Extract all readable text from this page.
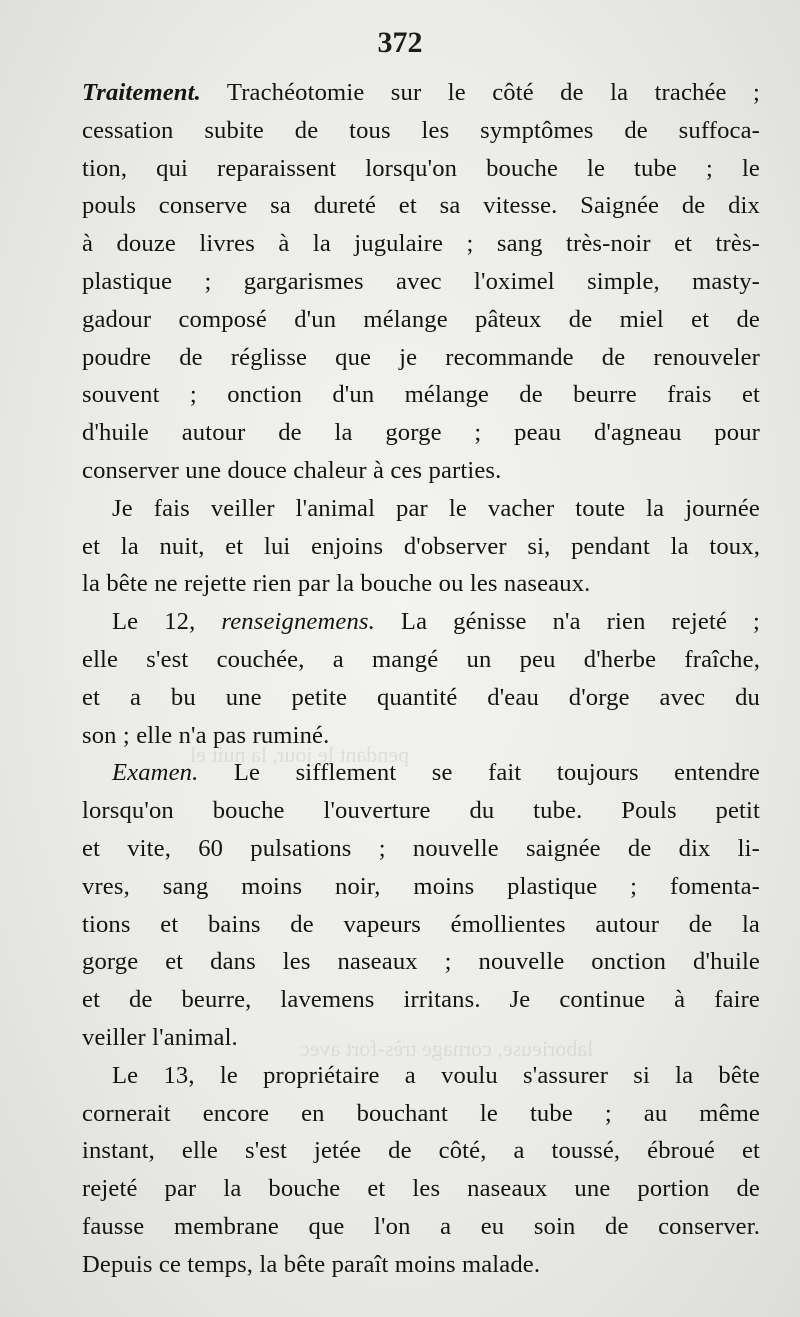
372
pendant le jour, la nuit el
laborieuse, cornage très-fort avec
Traitement. Trachéotomie sur le côté de la trachée ;
cessation subite de tous les symptômes de suffoca-
tion, qui reparaissent lorsqu'on bouche le tube ; le
pouls conserve sa dureté et sa vitesse. Saignée de dix
à douze livres à la jugulaire ; sang très-noir et très-
plastique ; gargarismes avec l'oximel simple, masty-
gadour composé d'un mélange pâteux de miel et de
poudre de réglisse que je recommande de renouveler
souvent ; onction d'un mélange de beurre frais et
d'huile autour de la gorge ; peau d'agneau pour
conserver une douce chaleur à ces parties.
Je fais veiller l'animal par le vacher toute la journée
et la nuit, et lui enjoins d'observer si, pendant la toux,
la bête ne rejette rien par la bouche ou les naseaux.
Le 12, renseignemens. La génisse n'a rien rejeté ;
elle s'est couchée, a mangé un peu d'herbe fraîche,
et a bu une petite quantité d'eau d'orge avec du
son ; elle n'a pas ruminé.
Examen. Le sifflement se fait toujours entendre
lorsqu'on bouche l'ouverture du tube. Pouls petit
et vite, 60 pulsations ; nouvelle saignée de dix li-
vres, sang moins noir, moins plastique ; fomenta-
tions et bains de vapeurs émollientes autour de la
gorge et dans les naseaux ; nouvelle onction d'huile
et de beurre, lavemens irritans. Je continue à faire
veiller l'animal.
Le 13, le propriétaire a voulu s'assurer si la bête
cornerait encore en bouchant le tube ; au même
instant, elle s'est jetée de côté, a toussé, ébroué et
rejeté par la bouche et les naseaux une portion de
fausse membrane que l'on a eu soin de conserver.
Depuis ce temps, la bête paraît moins malade.
